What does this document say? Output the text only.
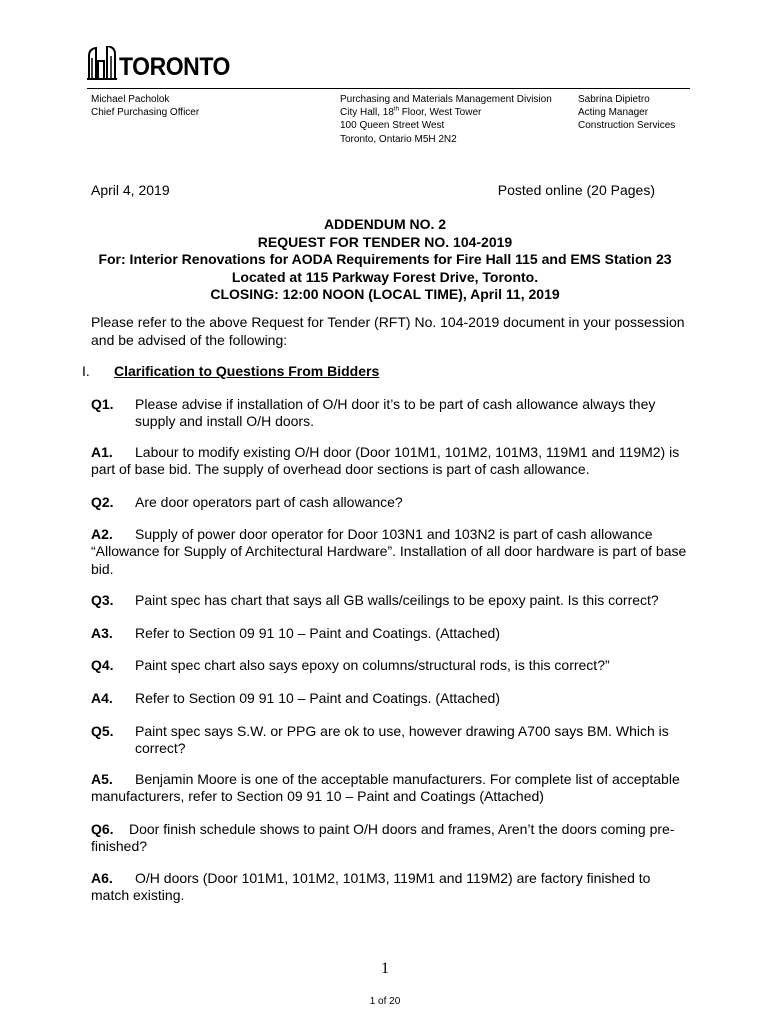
TORONTO
Michael Pacholok
Chief Purchasing Officer
Purchasing and Materials Management Division
City Hall, 18th Floor, West Tower
100 Queen Street West
Toronto, Ontario M5H 2N2
Sabrina Dipietro
Acting Manager
Construction Services
April 4, 2019	Posted online (20 Pages)
ADDENDUM NO. 2
REQUEST FOR TENDER NO. 104-2019
For: Interior Renovations for AODA Requirements for Fire Hall 115 and EMS Station 23
Located at 115 Parkway Forest Drive, Toronto.
CLOSING: 12:00 NOON (LOCAL TIME), April 11, 2019
Please refer to the above Request for Tender (RFT) No. 104-2019 document in your possession and be advised of the following:
I. Clarification to Questions From Bidders
Q1. Please advise if installation of O/H door it’s to be part of cash allowance always they supply and install O/H doors.
A1. Labour to modify existing O/H door (Door 101M1, 101M2, 101M3, 119M1 and 119M2) is part of base bid. The supply of overhead door sections is part of cash allowance.
Q2. Are door operators part of cash allowance?
A2. Supply of power door operator for Door 103N1 and 103N2 is part of cash allowance “Allowance for Supply of Architectural Hardware”. Installation of all door hardware is part of base bid.
Q3. Paint spec has chart that says all GB walls/ceilings to be epoxy paint. Is this correct?
A3. Refer to Section 09 91 10 – Paint and Coatings. (Attached)
Q4. Paint spec chart also says epoxy on columns/structural rods, is this correct?”
A4. Refer to Section 09 91 10 – Paint and Coatings. (Attached)
Q5. Paint spec says S.W. or PPG are ok to use, however drawing A700 says BM. Which is correct?
A5. Benjamin Moore is one of the acceptable manufacturers. For complete list of acceptable manufacturers, refer to Section 09 91 10 – Paint and Coatings (Attached)
Q6. Door finish schedule shows to paint O/H doors and frames, Aren’t the doors coming pre-finished?
A6. O/H doors (Door 101M1, 101M2, 101M3, 119M1 and 119M2) are factory finished to match existing.
1
1 of 20
